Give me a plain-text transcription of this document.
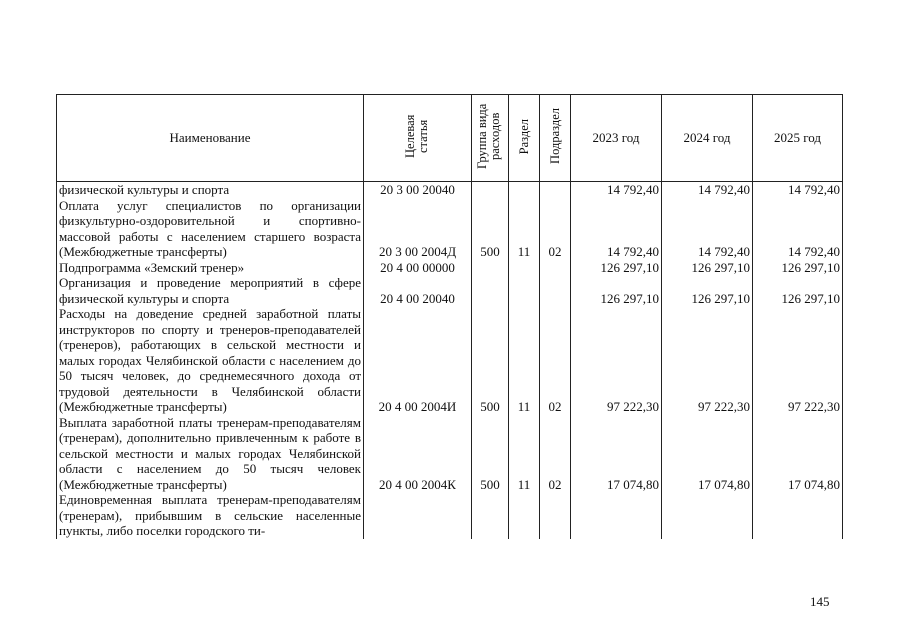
Наименование	Целевая статья	Группа вида расходов	Раздел	Подраздел	2023 год	2024 год	2025 год
физической культуры и спорта	20 3 00 20040				14 792,40	14 792,40	14 792,40
Оплата услуг специалистов по организации физкультурно-оздоровительной и спортивно-массовой работы с населением старшего возраста (Межбюджетные трансферты)	20 3 00 2004Д	500	11	02	14 792,40	14 792,40	14 792,40
Подпрограмма «Земский тренер»	20 4 00 00000				126 297,10	126 297,10	126 297,10
Организация и проведение мероприятий в сфере физической культуры и спорта	20 4 00 20040				126 297,10	126 297,10	126 297,10
Расходы на доведение средней заработной платы инструкторов по спорту и тренеров-преподавателей (тренеров), работающих в сельской местности и малых городах Челябинской области с населением до 50 тысяч человек, до среднемесячного дохода от трудовой деятельности в Челябинской области (Межбюджетные трансферты)	20 4 00 2004И	500	11	02	97 222,30	97 222,30	97 222,30
Выплата заработной платы тренерам-преподавателям (тренерам), дополнительно привлеченным к работе в сельской местности и малых городах Челябинской области с населением до 50 тысяч человек (Межбюджетные трансферты)	20 4 00 2004К	500	11	02	17 074,80	17 074,80	17 074,80
Единовременная выплата тренерам-преподавателям (тренерам), прибывшим в сельские населенные пункты, либо поселки городского ти-							
145
